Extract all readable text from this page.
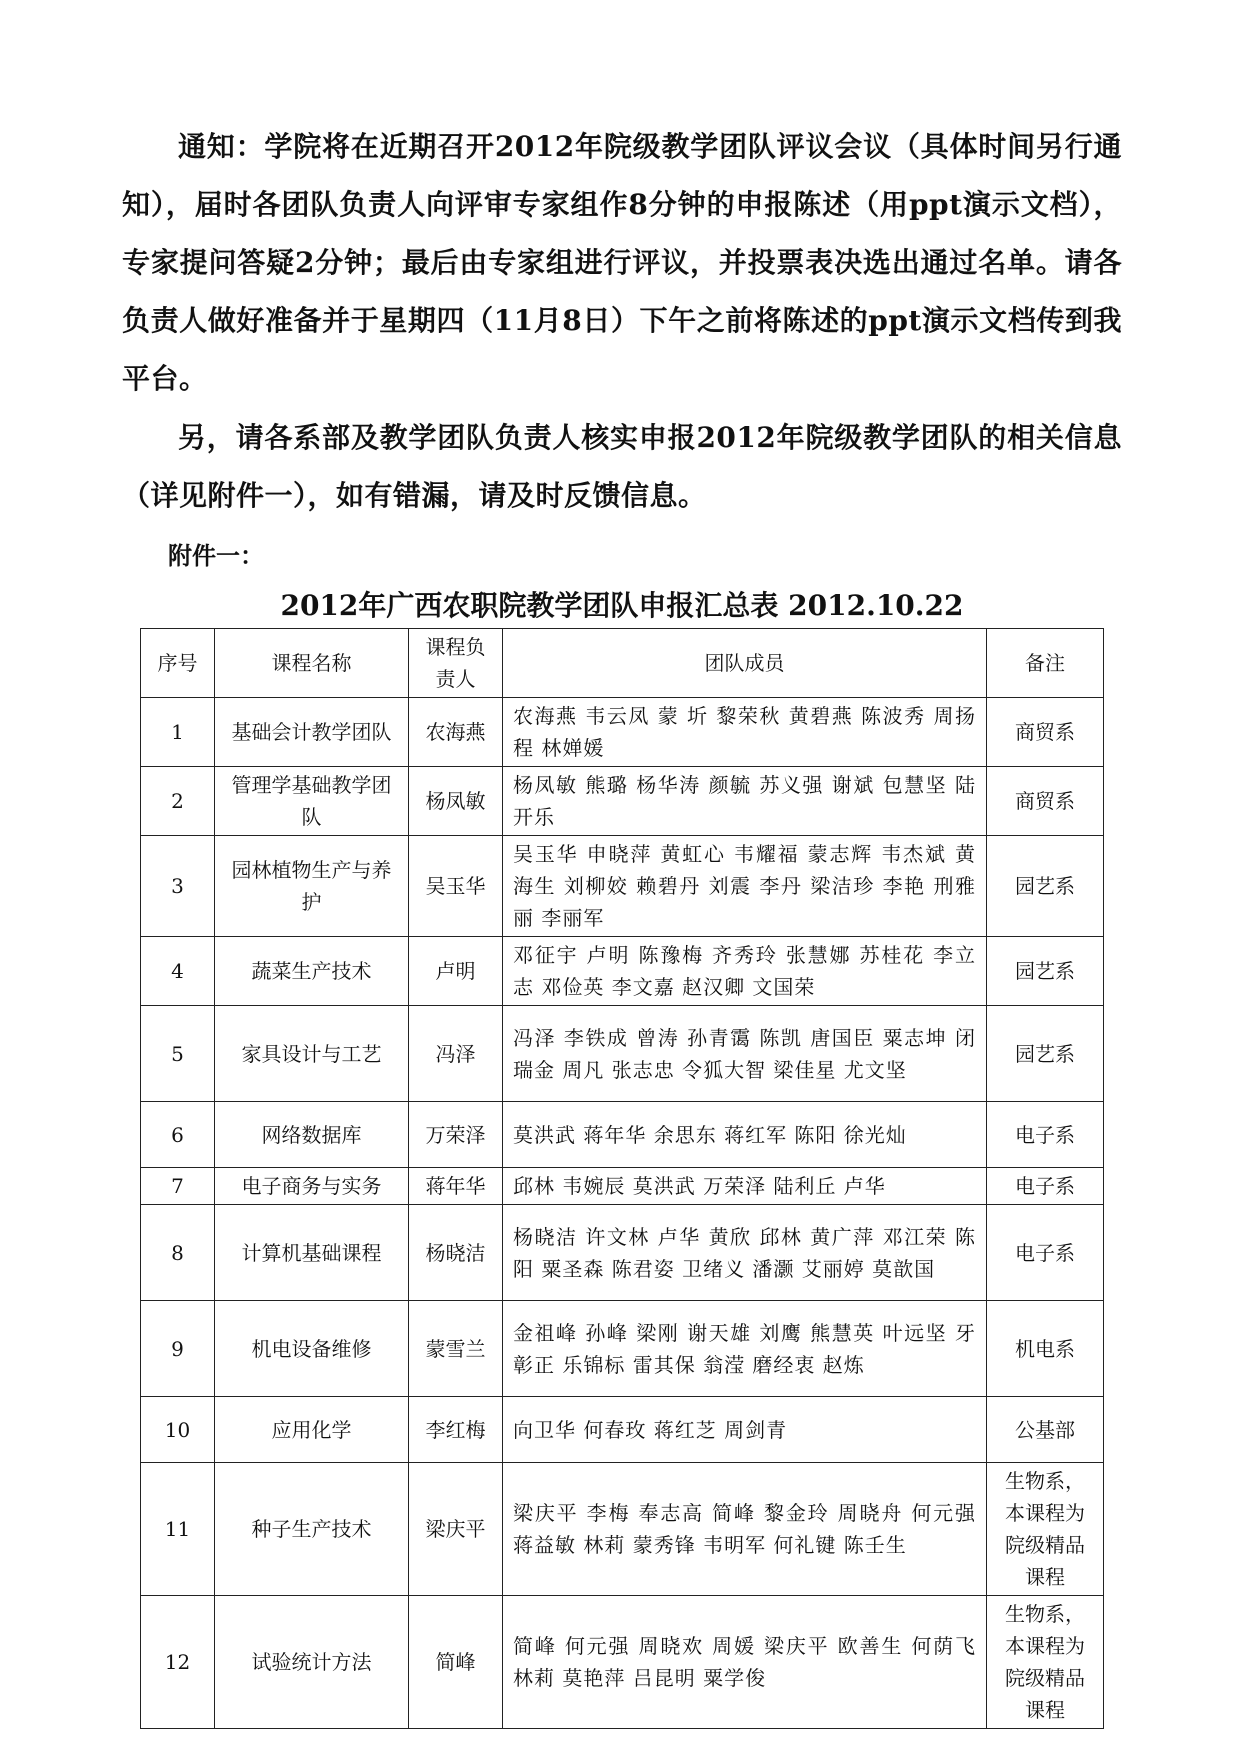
通知：学院将在近期召开2012年院级教学团队评议会议（具体时间另行通知），届时各团队负责人向评审专家组作8分钟的申报陈述（用ppt演示文档），专家提问答疑2分钟；最后由专家组进行评议，并投票表决选出通过名单。请各负责人做好准备并于星期四（11月8日）下午之前将陈述的ppt演示文档传到我平台。
另，请各系部及教学团队负责人核实申报2012年院级教学团队的相关信息（详见附件一），如有错漏，请及时反馈信息。
附件一：
2012年广西农职院教学团队申报汇总表 2012.10.22
序号	课程名称	课程负责人	团队成员	备注
1	基础会计教学团队	农海燕	农海燕 韦云凤 蒙 圻 黎荣秋 黄碧燕 陈波秀 周扬程 林婵媛	商贸系
2	管理学基础教学团队	杨凤敏	杨凤敏 熊璐 杨华涛 颜毓 苏义强 谢斌 包慧坚 陆开乐	商贸系
3	园林植物生产与养护	吴玉华	吴玉华 申晓萍 黄虹心 韦耀福 蒙志辉 韦杰斌 黄海生 刘柳姣 赖碧丹 刘震 李丹 梁洁珍 李艳 刑雅丽 李丽军	园艺系
4	蔬菜生产技术	卢明	邓征宇 卢明 陈豫梅 齐秀玲 张慧娜 苏桂花 李立志 邓俭英 李文嘉 赵汉卿 文国荣	园艺系
5	家具设计与工艺	冯泽	冯泽 李铁成 曾涛 孙青霭 陈凯 唐国臣 粟志坤 闭瑞金 周凡 张志忠 令狐大智 梁佳星 尤文坚	园艺系
6	网络数据库	万荣泽	莫洪武 蒋年华 余思东 蒋红军 陈阳 徐光灿	电子系
7	电子商务与实务	蒋年华	邱林 韦婉辰 莫洪武 万荣泽 陆利丘 卢华	电子系
8	计算机基础课程	杨晓洁	杨晓洁 许文林 卢华 黄欣 邱林 黄广萍 邓江荣 陈阳 粟圣森 陈君姿 卫绪义 潘灏 艾丽婷 莫歆国	电子系
9	机电设备维修	蒙雪兰	金祖峰 孙峰 梁刚 谢天雄 刘鹰 熊慧英 叶远坚 牙彰正 乐锦标 雷其保 翁滢 磨经衷 赵炼	机电系
10	应用化学	李红梅	向卫华 何春玫 蒋红芝 周剑青	公基部
11	种子生产技术	梁庆平	梁庆平 李梅 奉志高 简峰 黎金玲 周晓舟 何元强 蒋益敏 林莉 蒙秀锋 韦明军 何礼键 陈壬生	生物系，本课程为院级精品课程
12	试验统计方法	简峰	简峰 何元强 周晓欢 周媛 梁庆平 欧善生 何荫飞 林莉 莫艳萍 吕昆明 粟学俊	生物系，本课程为院级精品课程
